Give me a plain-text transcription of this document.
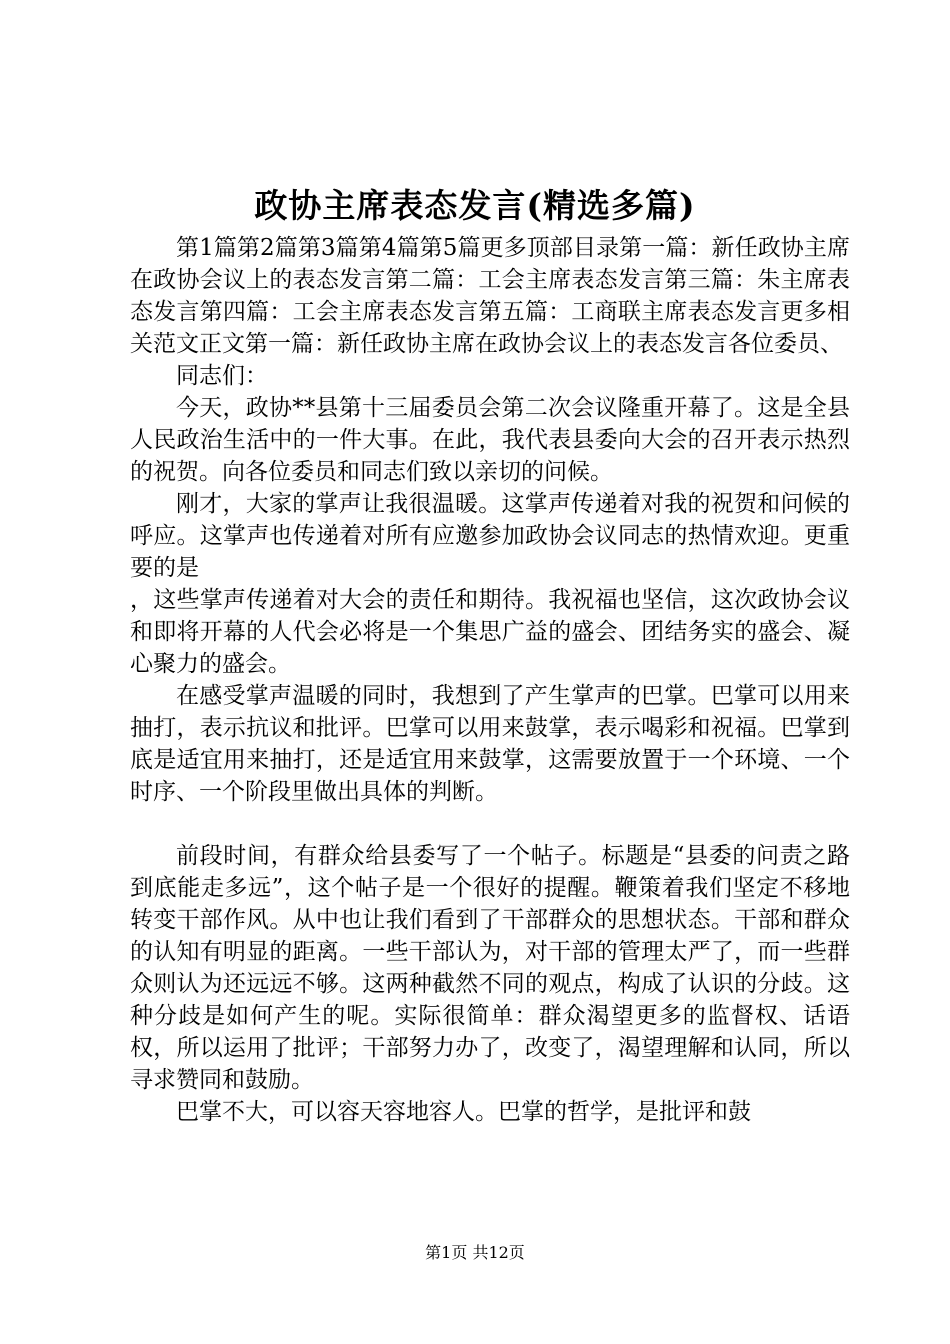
政协主席表态发言(精选多篇)

第1篇第2篇第3篇第4篇第5篇更多顶部目录第一篇：新任政协主席在政协会议上的表态发言第二篇：工会主席表态发言第三篇：朱主席表态发言第四篇：工会主席表态发言第五篇：工商联主席表态发言更多相关范文正文第一篇：新任政协主席在政协会议上的表态发言各位委员、

同志们：

今天，政协**县第十三届委员会第二次会议隆重开幕了。这是全县人民政治生活中的一件大事。在此，我代表县委向大会的召开表示热烈的祝贺。向各位委员和同志们致以亲切的问候。

刚才，大家的掌声让我很温暖。这掌声传递着对我的祝贺和问候的呼应。这掌声也传递着对所有应邀参加政协会议同志的热情欢迎。更重要的是

，这些掌声传递着对大会的责任和期待。我祝福也坚信，这次政协会议和即将开幕的人代会必将是一个集思广益的盛会、团结务实的盛会、凝心聚力的盛会。

在感受掌声温暖的同时，我想到了产生掌声的巴掌。巴掌可以用来抽打，表示抗议和批评。巴掌可以用来鼓掌，表示喝彩和祝福。巴掌到底是适宜用来抽打，还是适宜用来鼓掌，这需要放置于一个环境、一个时序、一个阶段里做出具体的判断。

前段时间，有群众给县委写了一个帖子。标题是“县委的问责之路到底能走多远”，这个帖子是一个很好的提醒。鞭策着我们坚定不移地转变干部作风。从中也让我们看到了干部群众的思想状态。干部和群众的认知有明显的距离。一些干部认为，对干部的管理太严了，而一些群众则认为还远远不够。这两种截然不同的观点，构成了认识的分歧。这种分歧是如何产生的呢。实际很简单：群众渴望更多的监督权、话语权，所以运用了批评；干部努力办了，改变了，渴望理解和认同，所以寻求赞同和鼓励。

巴掌不大，可以容天容地容人。巴掌的哲学，是批评和鼓

第1页 共12页
